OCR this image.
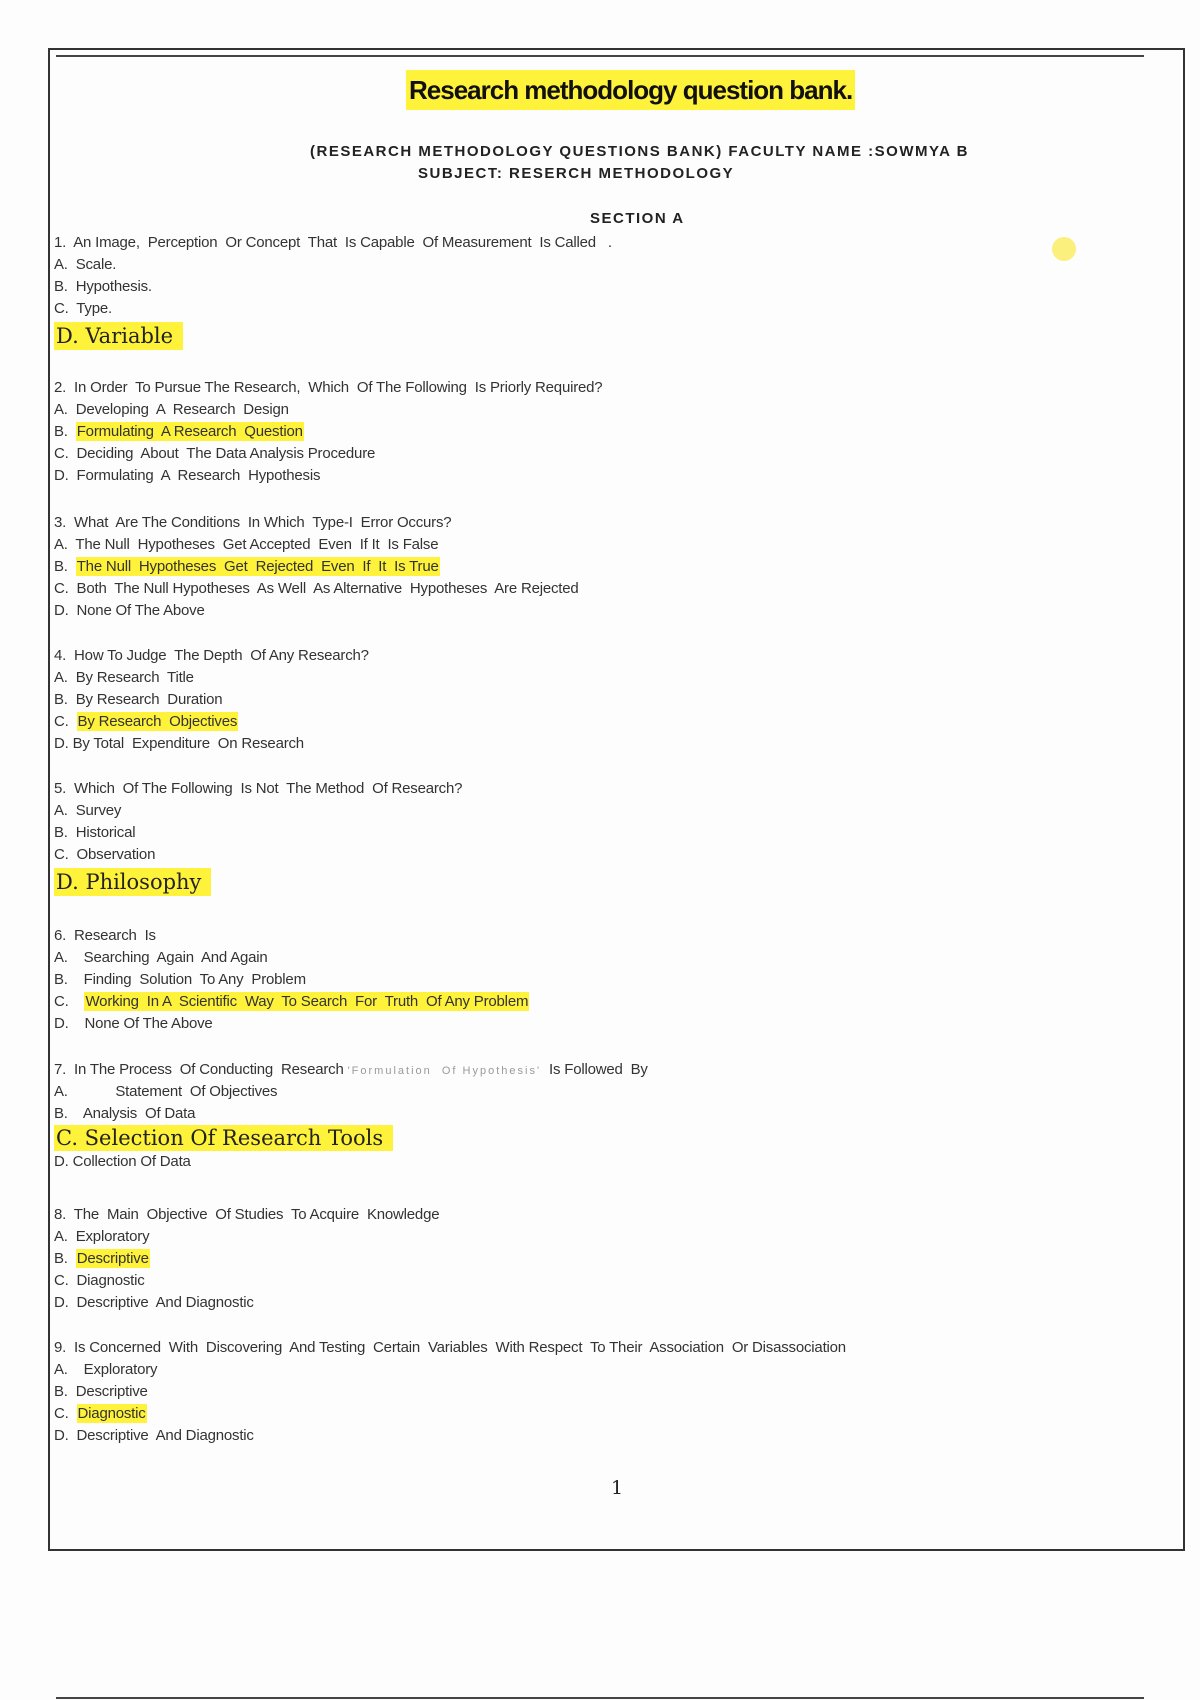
Research methodology question bank.
(RESEARCH METHODOLOGY QUESTIONS BANK) FACULTY NAME :SOWMYA B
SUBJECT: RESERCH METHODOLOGY
SECTION A
1.  An Image,  Perception  Or Concept  That  Is Capable  Of Measurement  Is Called   .
A.  Scale.
B.  Hypothesis.
C.  Type.
D. Variable
2.  In Order  To Pursue The Research,  Which  Of The Following  Is Priorly Required?
A.  Developing  A  Research  Design
B.  Formulating  A Research  Question
C.  Deciding  About  The Data Analysis Procedure
D.  Formulating  A  Research  Hypothesis
3.  What  Are The Conditions  In Which  Type-I  Error Occurs?
A.  The Null  Hypotheses  Get Accepted  Even  If It  Is False
B.  The Null  Hypotheses  Get  Rejected  Even  If  It  Is True
C.  Both  The Null Hypotheses  As Well  As Alternative  Hypotheses  Are Rejected
D.  None Of The Above
4.  How To Judge  The Depth  Of Any Research?
A.  By Research  Title
B.  By Research  Duration
C.  By Research  Objectives
D. By Total  Expenditure  On Research
5.  Which  Of The Following  Is Not  The Method  Of Research?
A.  Survey
B.  Historical
C.  Observation
D. Philosophy
6.  Research  Is
A.    Searching  Again  And Again
B.    Finding  Solution  To Any  Problem
C.    Working  In A  Scientific  Way  To Search  For  Truth  Of Any Problem
D.    None Of The Above
7.  In The Process  Of Conducting  Research 'Formulation  Of Hypothesis'  Is Followed  By
A.            Statement  Of Objectives
B.    Analysis  Of Data
C. Selection Of Research Tools
D. Collection Of Data
8.  The  Main  Objective  Of Studies  To Acquire  Knowledge
A.  Exploratory
B.  Descriptive
C.  Diagnostic
D.  Descriptive  And Diagnostic
9.  Is Concerned  With  Discovering  And Testing  Certain  Variables  With Respect  To Their  Association  Or Disassociation
A.    Exploratory
B.  Descriptive
C.  Diagnostic
D.  Descriptive  And Diagnostic
1
